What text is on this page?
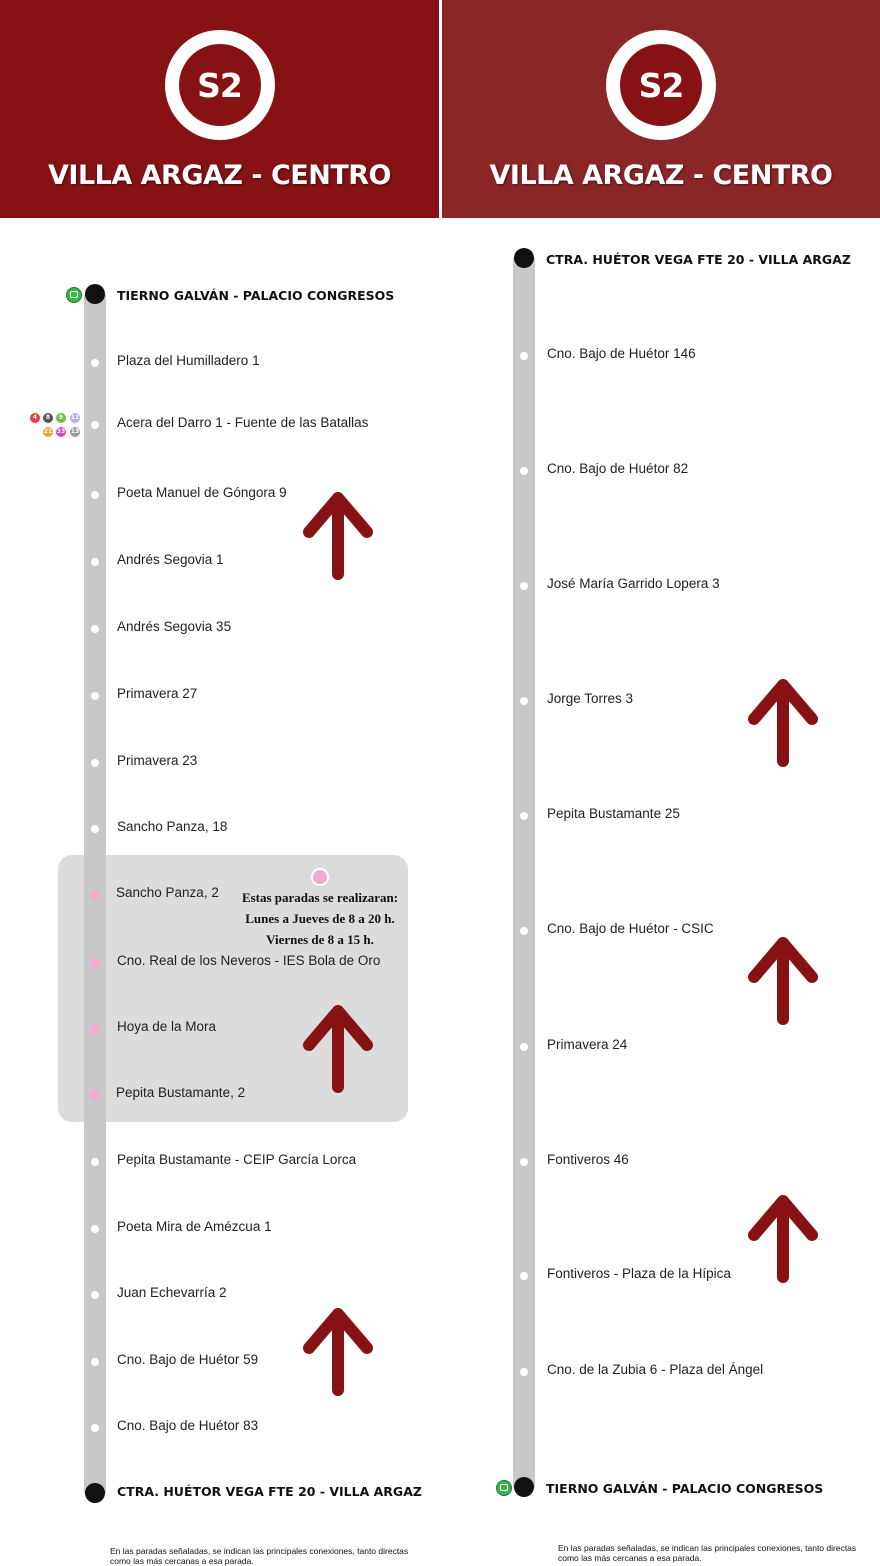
S2
VILLA ARGAZ - CENTRO
S2
VILLA ARGAZ - CENTRO
TIERNO GALVÁN - PALACIO CONGRESOS
Plaza del Humilladero 1
Acera del Darro 1 - Fuente de las Batallas
Poeta Manuel de Góngora 9
Andrés Segovia 1
Andrés Segovia 35
Primavera 27
Primavera 23
Sancho Panza, 18
Sancho Panza, 2
Cno. Real de los Neveros - IES Bola de Oro
Hoya de la Mora
Pepita Bustamante, 2
Pepita Bustamante - CEIP García Lorca
Poeta Mira de Amézcua 1
Juan Echevarría 2
Cno. Bajo de Huétor 59
Cno. Bajo de Huétor 83
4	8	9	11
21 33 13
CTRA. HUÉTOR VEGA FTE 20 - VILLA ARGAZ
Estas paradas se realizaran:
Lunes a Jueves de 8 a 20 h.
Viernes de 8 a 15 h.
En las paradas señaladas, se indican las principales conexiones, tanto directas como las más cercanas a esa parada.
CTRA. HUÉTOR VEGA FTE 20 - VILLA ARGAZ
Cno. Bajo de Huétor 146
Cno. Bajo de Huétor 82
José María Garrido Lopera 3
Jorge Torres 3
Pepita Bustamante 25
Cno. Bajo de Huétor - CSIC
Primavera 24
Fontiveros 46
Fontiveros - Plaza de la Hípica
Cno. de la Zubia 6 - Plaza del Ángel
TIERNO GALVÁN - PALACIO CONGRESOS
En las paradas señaladas, se indican las principales conexiones, tanto directas como las más cercanas a esa parada.
